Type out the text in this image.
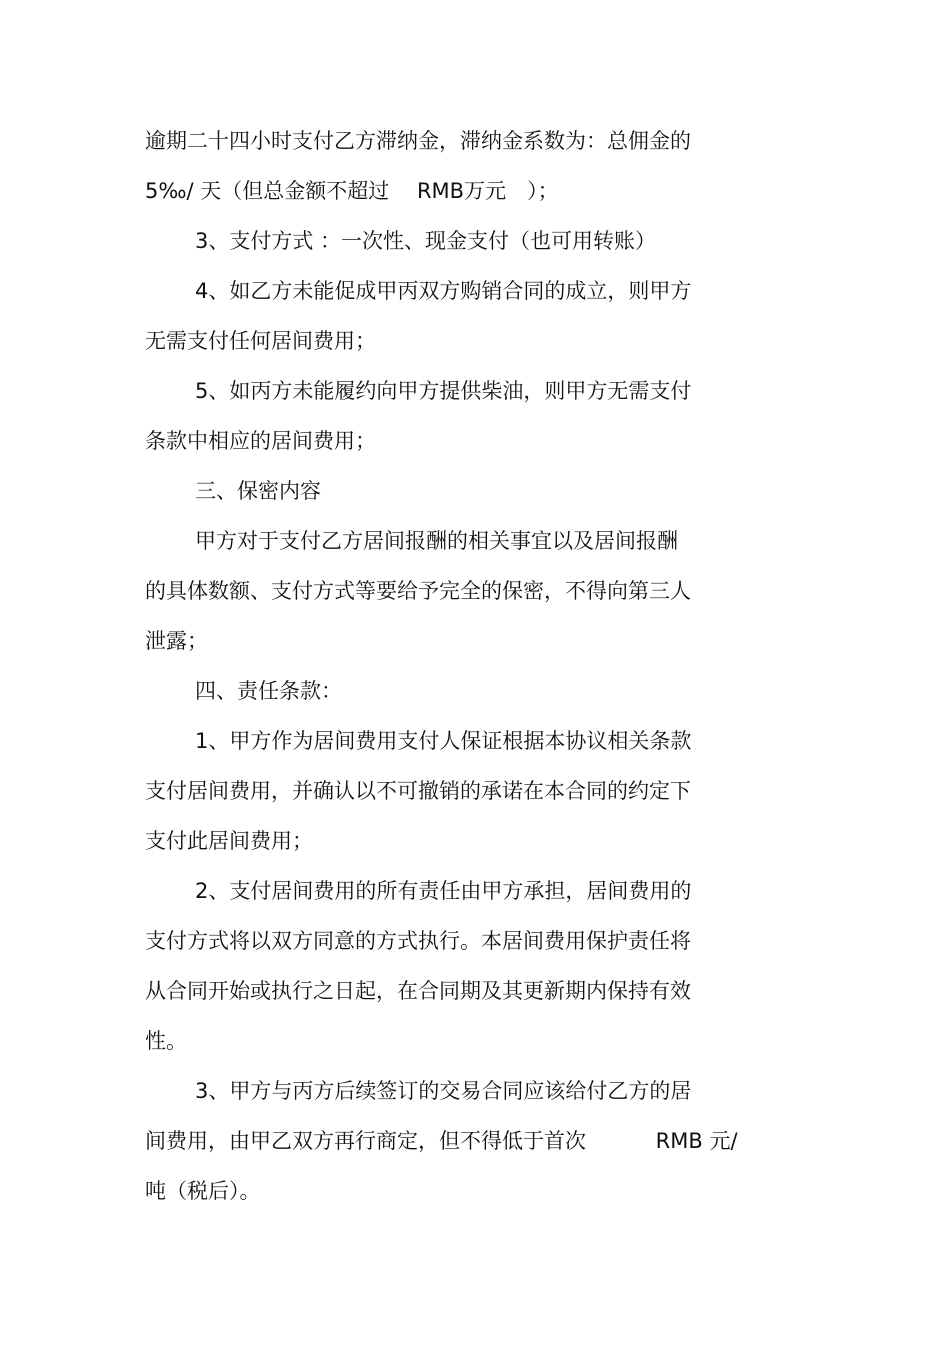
逾期二十四小时支付乙方滞纳金，滞纳金系数为：总佣金的

5‰/ 天（但总金额不超过　 RMB万元　）；

3、支付方式 ：一次性、现金支付（也可用转账）

4、如乙方未能促成甲丙双方购销合同的成立，则甲方

无需支付任何居间费用；

5、如丙方未能履约向甲方提供柴油，则甲方无需支付

条款中相应的居间费用；

三、保密内容

甲方对于支付乙方居间报酬的相关事宜以及居间报酬

的具体数额、支付方式等要给予完全的保密，不得向第三人

泄露；

四、责任条款：

1、甲方作为居间费用支付人保证根据本协议相关条款

支付居间费用，并确认以不可撤销的承诺在本合同的约定下

支付此居间费用；

2、支付居间费用的所有责任由甲方承担，居间费用的

支付方式将以双方同意的方式执行。本居间费用保护责任将

从合同开始或执行之日起，在合同期及其更新期内保持有效

性。

3、甲方与丙方后续签订的交易合同应该给付乙方的居

间费用，由甲乙双方再行商定，但不得低于首次　　　 RMB 元/

吨（税后）。
